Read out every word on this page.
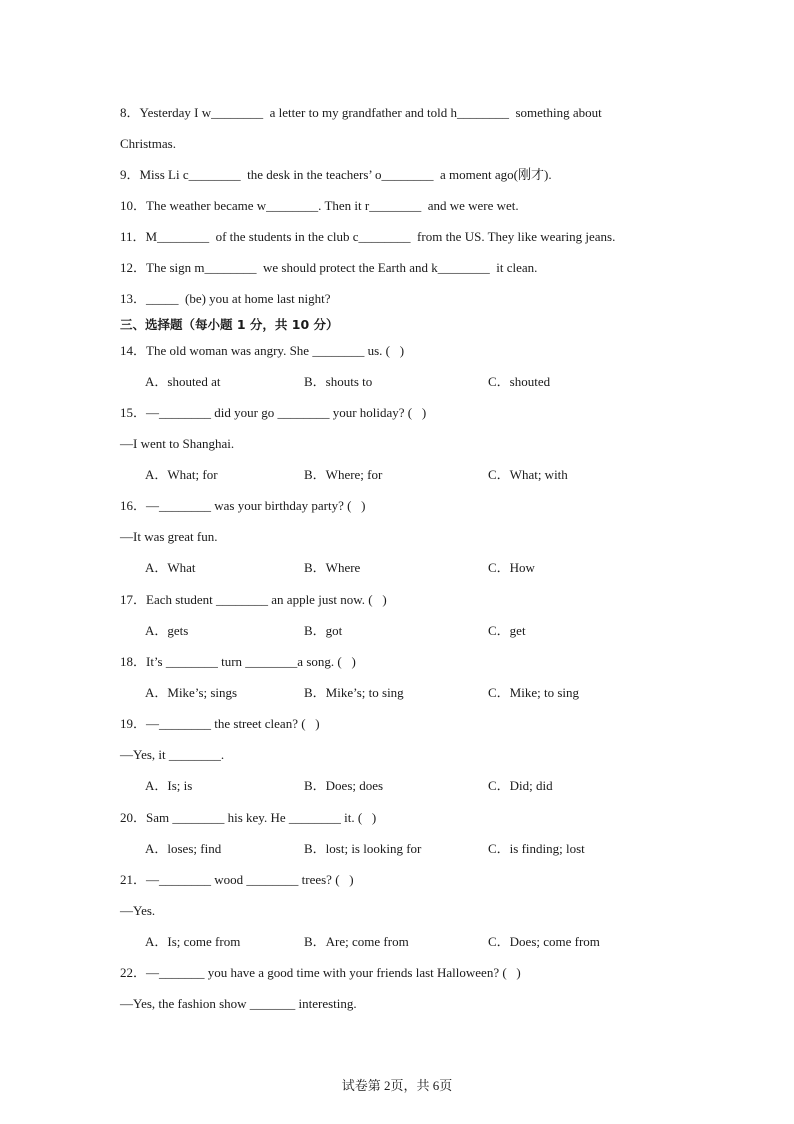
8．Yesterday I w________  a letter to my grandfather and told h________  something about
Christmas.
9．Miss Li c________  the desk in the teachers’ o________  a moment ago(刚才).
10．The weather became w________. Then it r________  and we were wet.
11．M________  of the students in the club c________  from the US. They like wearing jeans.
12．The sign m________  we should protect the Earth and k________  it clean.
13．_____  (be) you at home last night?
三、选择题（每小题 1 分，共 10 分）
14．The old woman was angry. She ________ us. (   )
A．shouted at	B．shouts to	C．shouted
15．—________ did your go ________ your holiday? (   )
—I went to Shanghai.
A．What; for	B．Where; for	C．What; with
16．—________ was your birthday party? (   )
—It was great fun.
A．What	B．Where	C．How
17．Each student ________ an apple just now. (   )
A．gets	B．got	C．get
18．It’s ________ turn ________a song. (   )
A．Mike’s; sings	B．Mike’s; to sing	C．Mike; to sing
19．—________ the street clean? (   )
—Yes, it ________.
A．Is; is	B．Does; does	C．Did; did
20．Sam ________ his key. He ________ it. (   )
A．loses; find	B．lost; is looking for	C．is finding; lost
21．—________ wood ________ trees? (   )
—Yes.
A．Is; come from	B．Are; come from	C．Does; come from
22．—_______ you have a good time with your friends last Halloween? (   )
—Yes, the fashion show _______ interesting.
试卷第 2页，共 6页
